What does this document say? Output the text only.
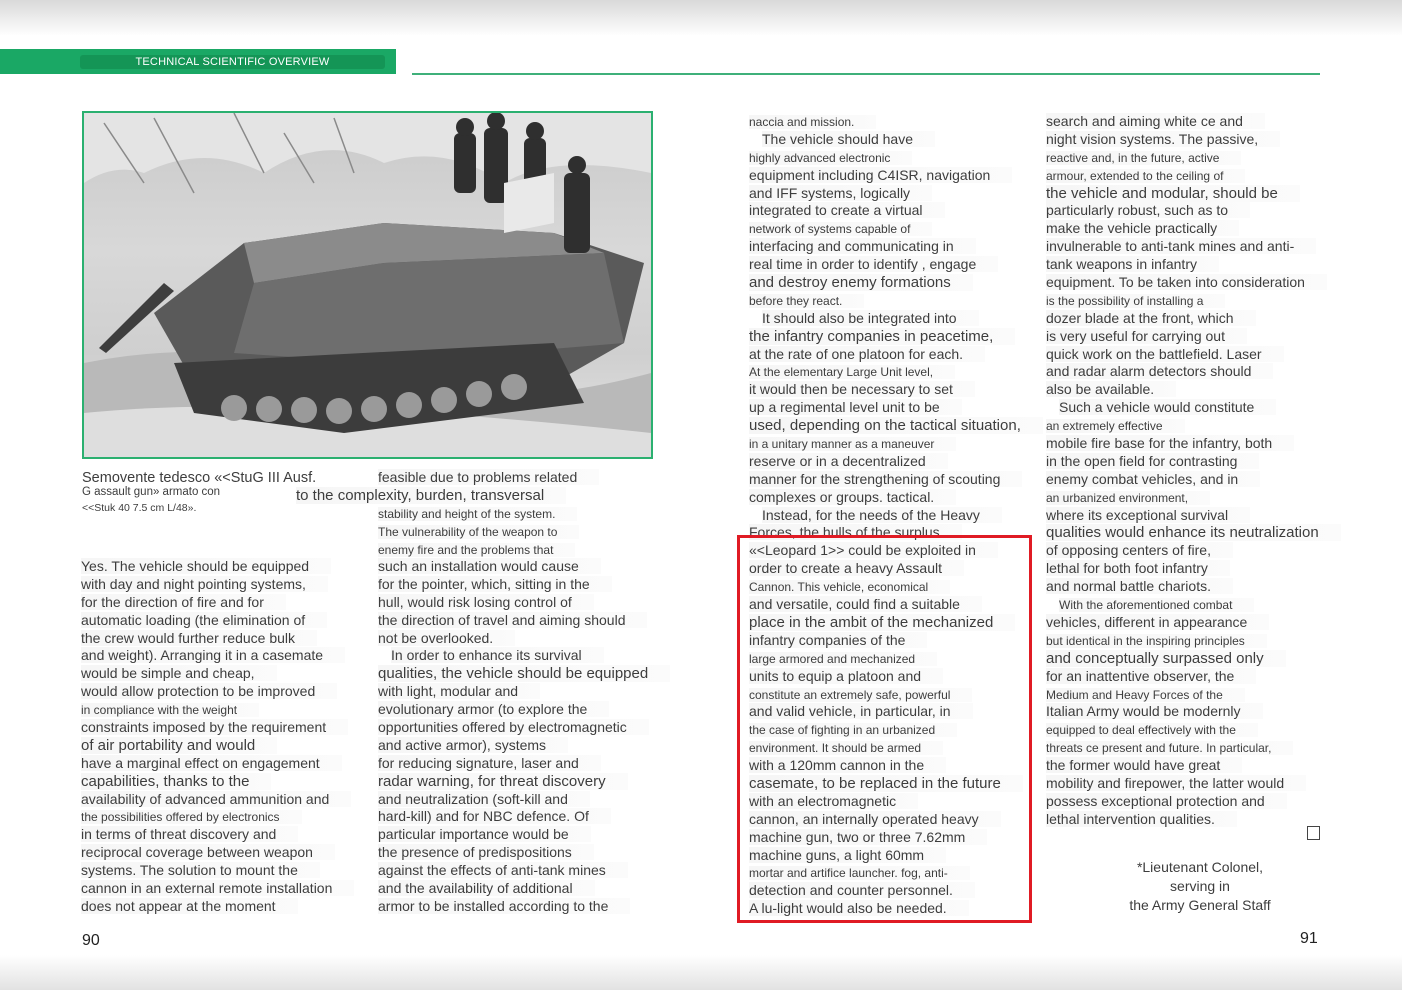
TECHNICAL SCIENTIFIC OVERVIEW
Semovente tedesco «<StuG III Ausf.
G assault gun» armato con
<<Stuk 40 7.5 cm L/48».
Yes. The vehicle should be equipped
with day and night pointing systems,
for the direction of fire and for
automatic loading (the elimination of
the crew would further reduce bulk
and weight). Arranging it in a casemate
would be simple and cheap,
would allow protection to be improved
in compliance with the weight
constraints imposed by the requirement
of air portability and would
have a marginal effect on engagement
capabilities, thanks to the
availability of advanced ammunition and
the possibilities offered by electronics
in terms of threat discovery and
reciprocal coverage between weapon
systems. The solution to mount the
cannon in an external remote installation
does not appear at the moment
feasible due to problems related
to the complexity, burden, transversal
stability and height of the system.
The vulnerability of the weapon to
enemy fire and the problems that
such an installation would cause
for the pointer, which, sitting in the
hull, would risk losing control of
the direction of travel and aiming should
not be overlooked.
In order to enhance its survival
qualities, the vehicle should be equipped
with light, modular and
evolutionary armor (to explore the
opportunities offered by electromagnetic
and active armor), systems
for reducing signature, laser and
radar warning, for threat discovery
and neutralization (soft-kill and
hard-kill) and for NBC defence. Of
particular importance would be
the presence of predispositions
against the effects of anti-tank mines
and the availability of additional
armor to be installed according to the
naccia and mission.
The vehicle should have
highly advanced electronic
equipment including C4ISR, navigation
and IFF systems, logically
integrated to create a virtual
network of systems capable of
interfacing and communicating in
real time in order to identify , engage
and destroy enemy formations
before they react.
It should also be integrated into
the infantry companies in peacetime,
at the rate of one platoon for each.
At the elementary Large Unit level,
it would then be necessary to set
up a regimental level unit to be
used, depending on the tactical situation,
in a unitary manner as a maneuver
reserve or in a decentralized
manner for the strengthening of scouting
complexes or groups. tactical.
Instead, for the needs of the Heavy
Forces, the hulls of the surplus
«<Leopard 1>> could be exploited in
order to create a heavy Assault
Cannon. This vehicle, economical
and versatile, could find a suitable
place in the ambit of the mechanized
infantry companies of the
large armored and mechanized
units to equip a platoon and
constitute an extremely safe, powerful
and valid vehicle, in particular, in
the case of fighting in an urbanized
environment. It should be armed
with a 120mm cannon in the
casemate, to be replaced in the future
with an electromagnetic
cannon, an internally operated heavy
machine gun, two or three 7.62mm
machine guns, a light 60mm
mortar and artifice launcher. fog, anti-
detection and counter personnel.
A lu-light would also be needed.
search and aiming white ce and
night vision systems. The passive,
reactive and, in the future, active
armour, extended to the ceiling of
the vehicle and modular, should be
particularly robust, such as to
make the vehicle practically
invulnerable to anti-tank mines and anti-
tank weapons in infantry
equipment. To be taken into consideration
is the possibility of installing a
dozer blade at the front, which
is very useful for carrying out
quick work on the battlefield. Laser
and radar alarm detectors should
also be available.
Such a vehicle would constitute
an extremely effective
mobile fire base for the infantry, both
in the open field for contrasting
enemy combat vehicles, and in
an urbanized environment,
where its exceptional survival
qualities would enhance its neutralization
of opposing centers of fire,
lethal for both foot infantry
and normal battle chariots.
With the aforementioned combat
vehicles, different in appearance
but identical in the inspiring principles
and conceptually surpassed only
for an inattentive observer, the
Medium and Heavy Forces of the
Italian Army would be modernly
equipped to deal effectively with the
threats ce present and future. In particular,
the former would have great
mobility and firepower, the latter would
possess exceptional protection and
lethal intervention qualities.
*Lieutenant Colonel,
serving in
the Army General Staff
90	91
